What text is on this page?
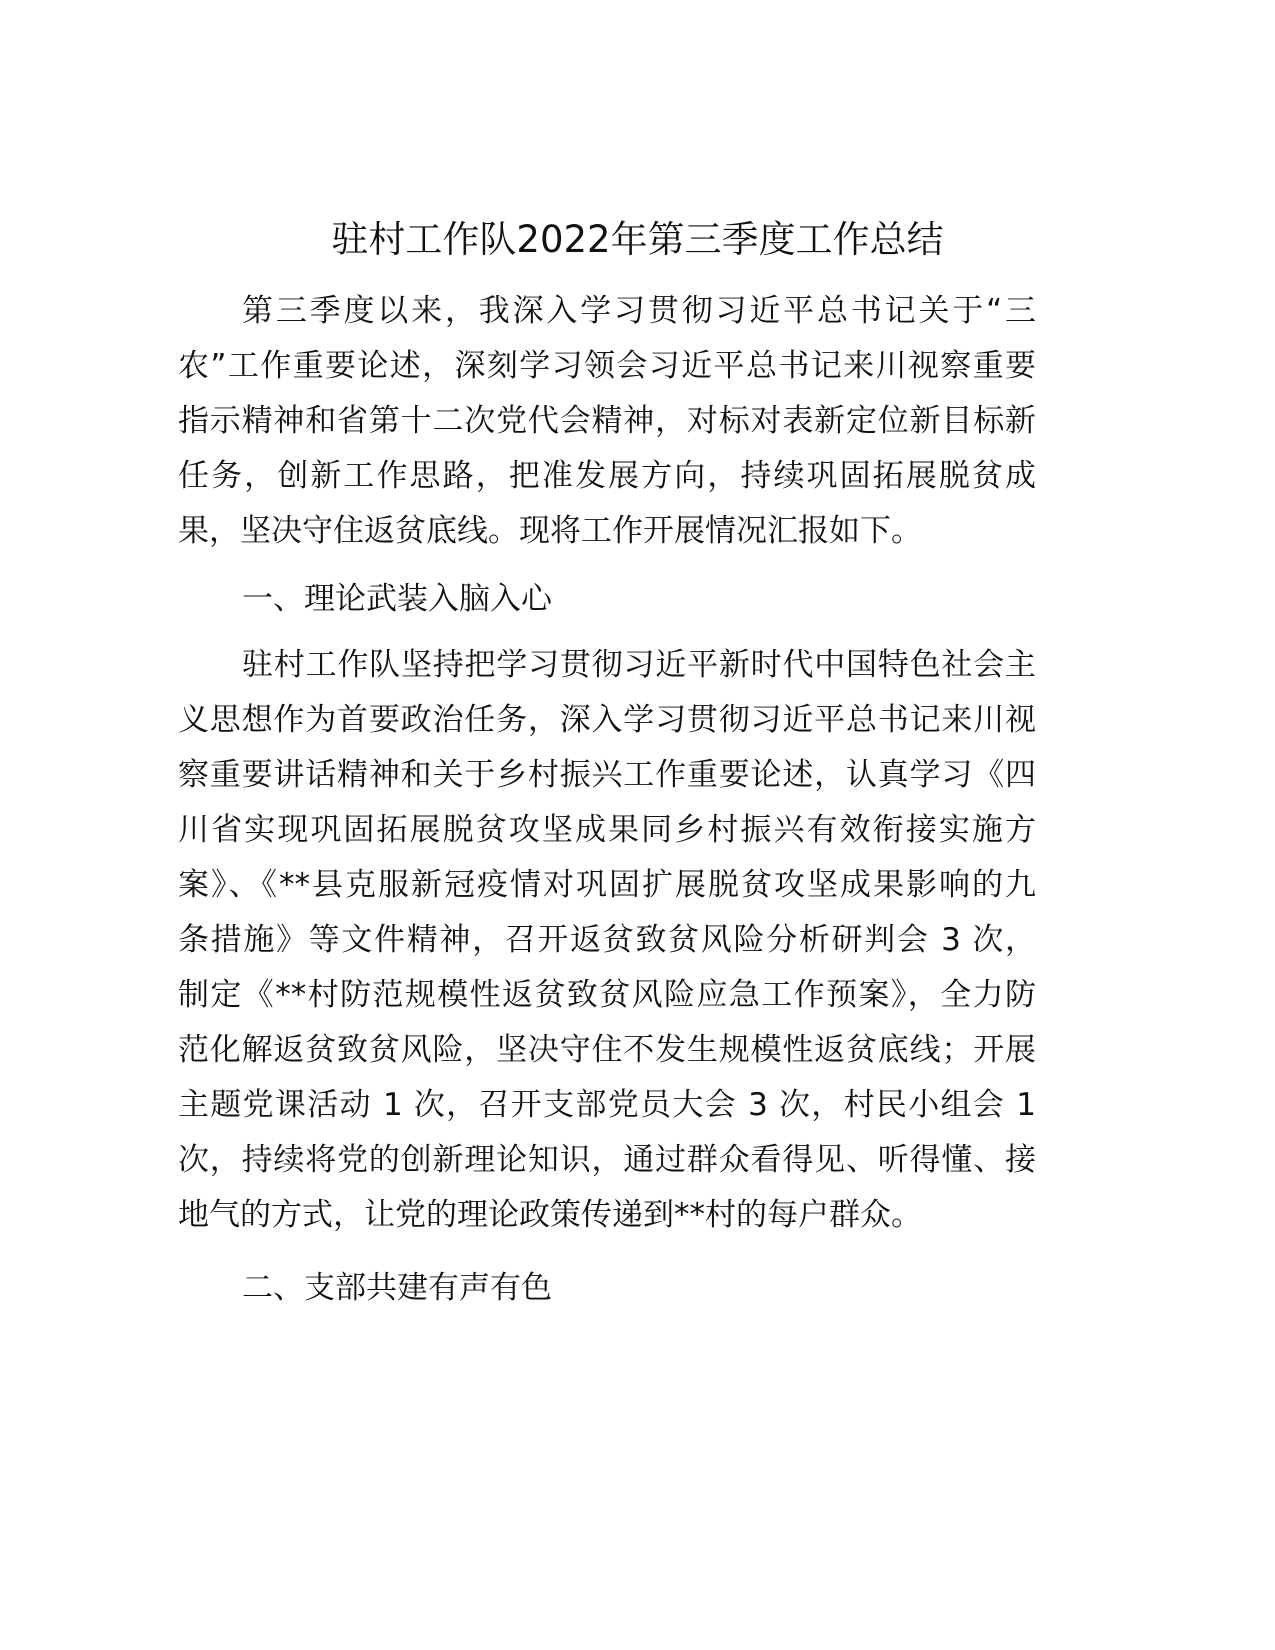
驻村工作队2022年第三季度工作总结
第三季度以来，我深入学习贯彻习近平总书记关于“三
农”工作重要论述，深刻学习领会习近平总书记来川视察重要
指示精神和省第十二次党代会精神，对标对表新定位新目标新
任务，创新工作思路，把准发展方向，持续巩固拓展脱贫成
果，坚决守住返贫底线。现将工作开展情况汇报如下。
一、理论武装入脑入心
驻村工作队坚持把学习贯彻习近平新时代中国特色社会主
义思想作为首要政治任务，深入学习贯彻习近平总书记来川视
察重要讲话精神和关于乡村振兴工作重要论述，认真学习《四
川省实现巩固拓展脱贫攻坚成果同乡村振兴有效衔接实施方
案》、《**县克服新冠疫情对巩固扩展脱贫攻坚成果影响的九
条措施》等文件精神，召开返贫致贫风险分析研判会 3 次，
制定《**村防范规模性返贫致贫风险应急工作预案》，全力防
范化解返贫致贫风险，坚决守住不发生规模性返贫底线；开展
主题党课活动 1 次，召开支部党员大会 3 次，村民小组会 1
次，持续将党的创新理论知识，通过群众看得见、听得懂、接
地气的方式，让党的理论政策传递到**村的每户群众。
二、支部共建有声有色
